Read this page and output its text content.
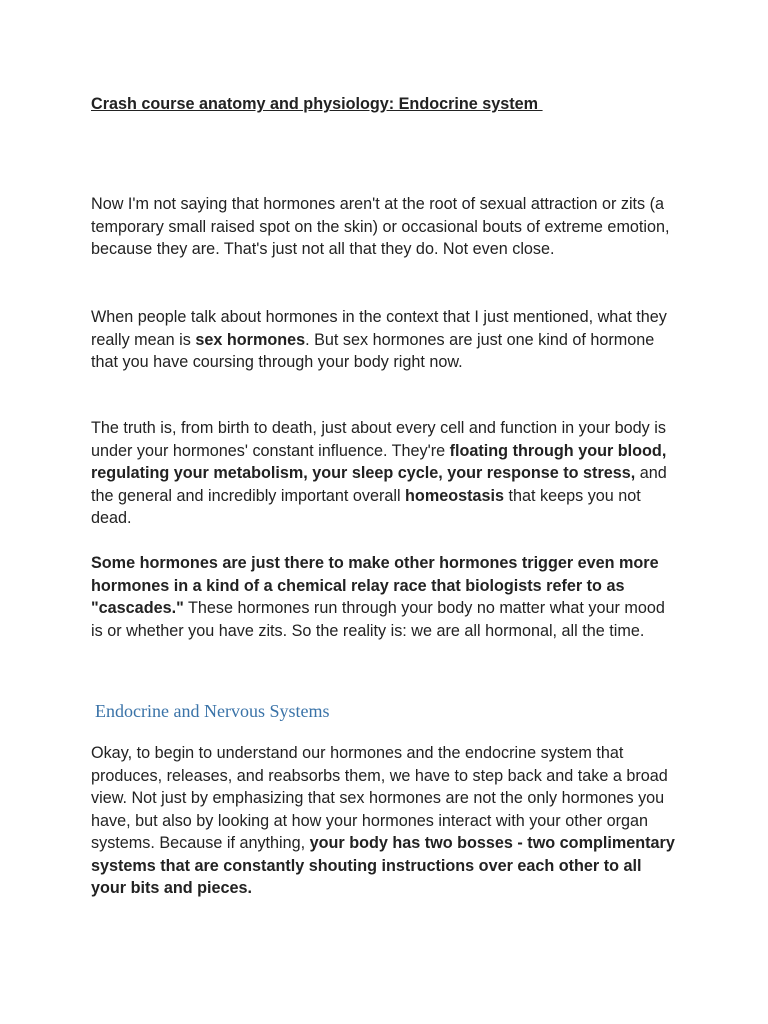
Crash course anatomy and physiology: Endocrine system

Now I'm not saying that hormones aren't at the root of sexual attraction or zits (a temporary small raised spot on the skin) or occasional bouts of extreme emotion, because they are. That's just not all that they do. Not even close.

When people talk about hormones in the context that I just mentioned, what they really mean is sex hormones. But sex hormones are just one kind of hormone that you have coursing through your body right now.

The truth is, from birth to death, just about every cell and function in your body is under your hormones' constant influence. They're floating through your blood, regulating your metabolism, your sleep cycle, your response to stress, and the general and incredibly important overall homeostasis that keeps you not dead.

Some hormones are just there to make other hormones trigger even more hormones in a kind of a chemical relay race that biologists refer to as "cascades." These hormones run through your body no matter what your mood is or whether you have zits. So the reality is: we are all hormonal, all the time.

Endocrine and Nervous Systems

Okay, to begin to understand our hormones and the endocrine system that produces, releases, and reabsorbs them, we have to step back and take a broad view. Not just by emphasizing that sex hormones are not the only hormones you have, but also by looking at how your hormones interact with your other organ systems. Because if anything, your body has two bosses - two complimentary systems that are constantly shouting instructions over each other to all your bits and pieces.
